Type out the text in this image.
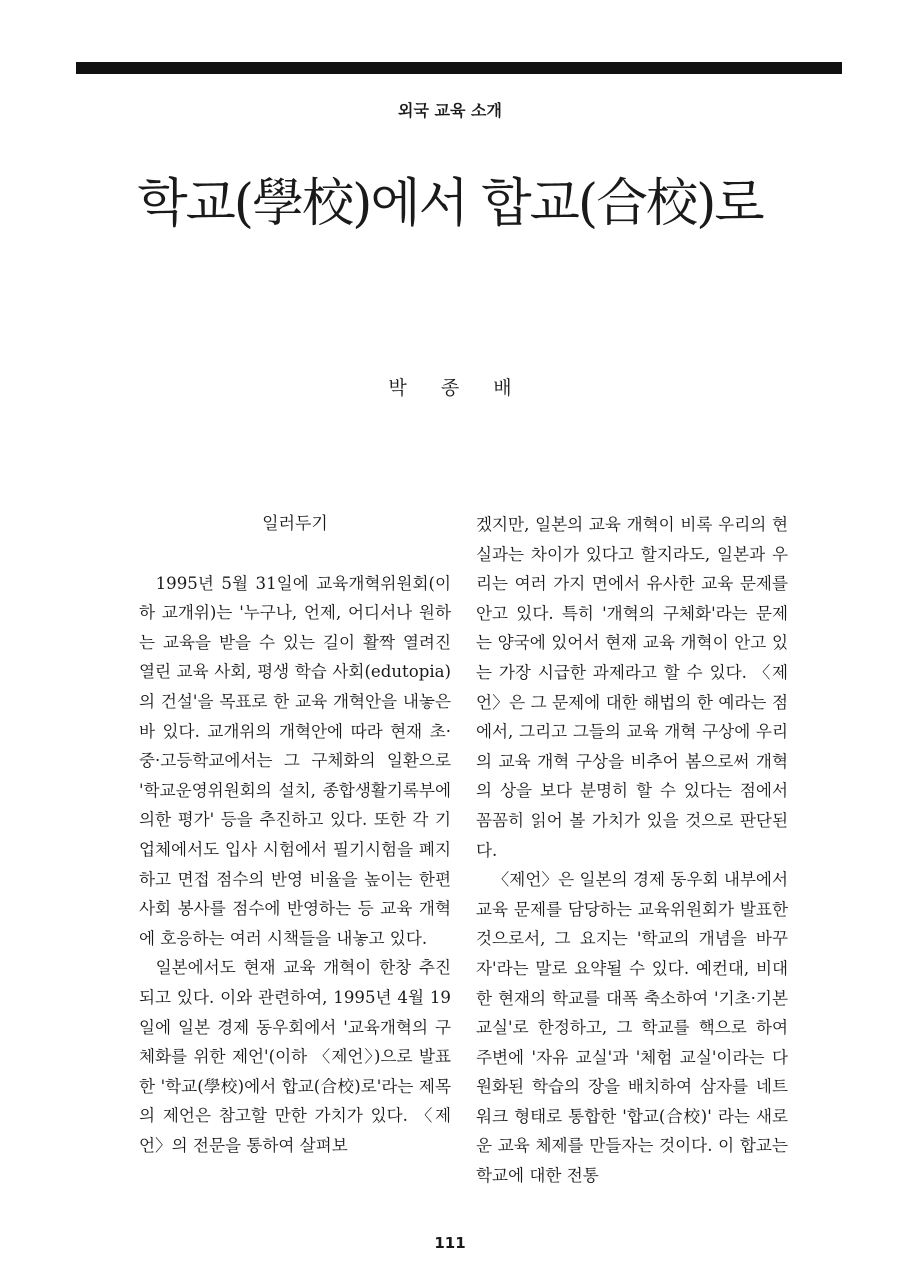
외국 교육 소개
학교(學校)에서 합교(合校)로
박 종 배
일러두기

1995년 5월 31일에 교육개혁위원회(이하 교개위)는 '누구나, 언제, 어디서나 원하는 교육을 받을 수 있는 길이 활짝 열려진 열린 교육 사회, 평생 학습 사회(edutopia)의 건설'을 목표로 한 교육 개혁안을 내놓은 바 있다. 교개위의 개혁안에 따라 현재 초·중·고등학교에서는 그 구체화의 일환으로 '학교운영위원회의 설치, 종합생활기록부에 의한 평가' 등을 추진하고 있다. 또한 각 기업체에서도 입사 시험에서 필기시험을 폐지하고 면접 점수의 반영 비율을 높이는 한편 사회 봉사를 점수에 반영하는 등 교육 개혁에 호응하는 여러 시책들을 내놓고 있다.

일본에서도 현재 교육 개혁이 한창 추진되고 있다. 이와 관련하여, 1995년 4월 19일에 일본 경제 동우회에서 '교육개혁의 구체화를 위한 제언'(이하 〈제언〉)으로 발표한 '학교(學校)에서 합교(合校)로'라는 제목의 제언은 참고할 만한 가치가 있다. 〈제언〉의 전문을 통하여 살펴보

겠지만, 일본의 교육 개혁이 비록 우리의 현실과는 차이가 있다고 할지라도, 일본과 우리는 여러 가지 면에서 유사한 교육 문제를 안고 있다. 특히 '개혁의 구체화'라는 문제는 양국에 있어서 현재 교육 개혁이 안고 있는 가장 시급한 과제라고 할 수 있다. 〈제언〉은 그 문제에 대한 해법의 한 예라는 점에서, 그리고 그들의 교육 개혁 구상에 우리의 교육 개혁 구상을 비추어 봄으로써 개혁의 상을 보다 분명히 할 수 있다는 점에서 꼼꼼히 읽어 볼 가치가 있을 것으로 판단된다.

〈제언〉은 일본의 경제 동우회 내부에서 교육 문제를 담당하는 교육위원회가 발표한 것으로서, 그 요지는 '학교의 개념을 바꾸자'라는 말로 요약될 수 있다. 예컨대, 비대한 현재의 학교를 대폭 축소하여 '기초·기본 교실'로 한정하고, 그 학교를 핵으로 하여 주변에 '자유 교실'과 '체험 교실'이라는 다원화된 학습의 장을 배치하여 삼자를 네트워크 형태로 통합한 '합교(合校)' 라는 새로운 교육 체제를 만들자는 것이다. 이 합교는 학교에 대한 전통

111
